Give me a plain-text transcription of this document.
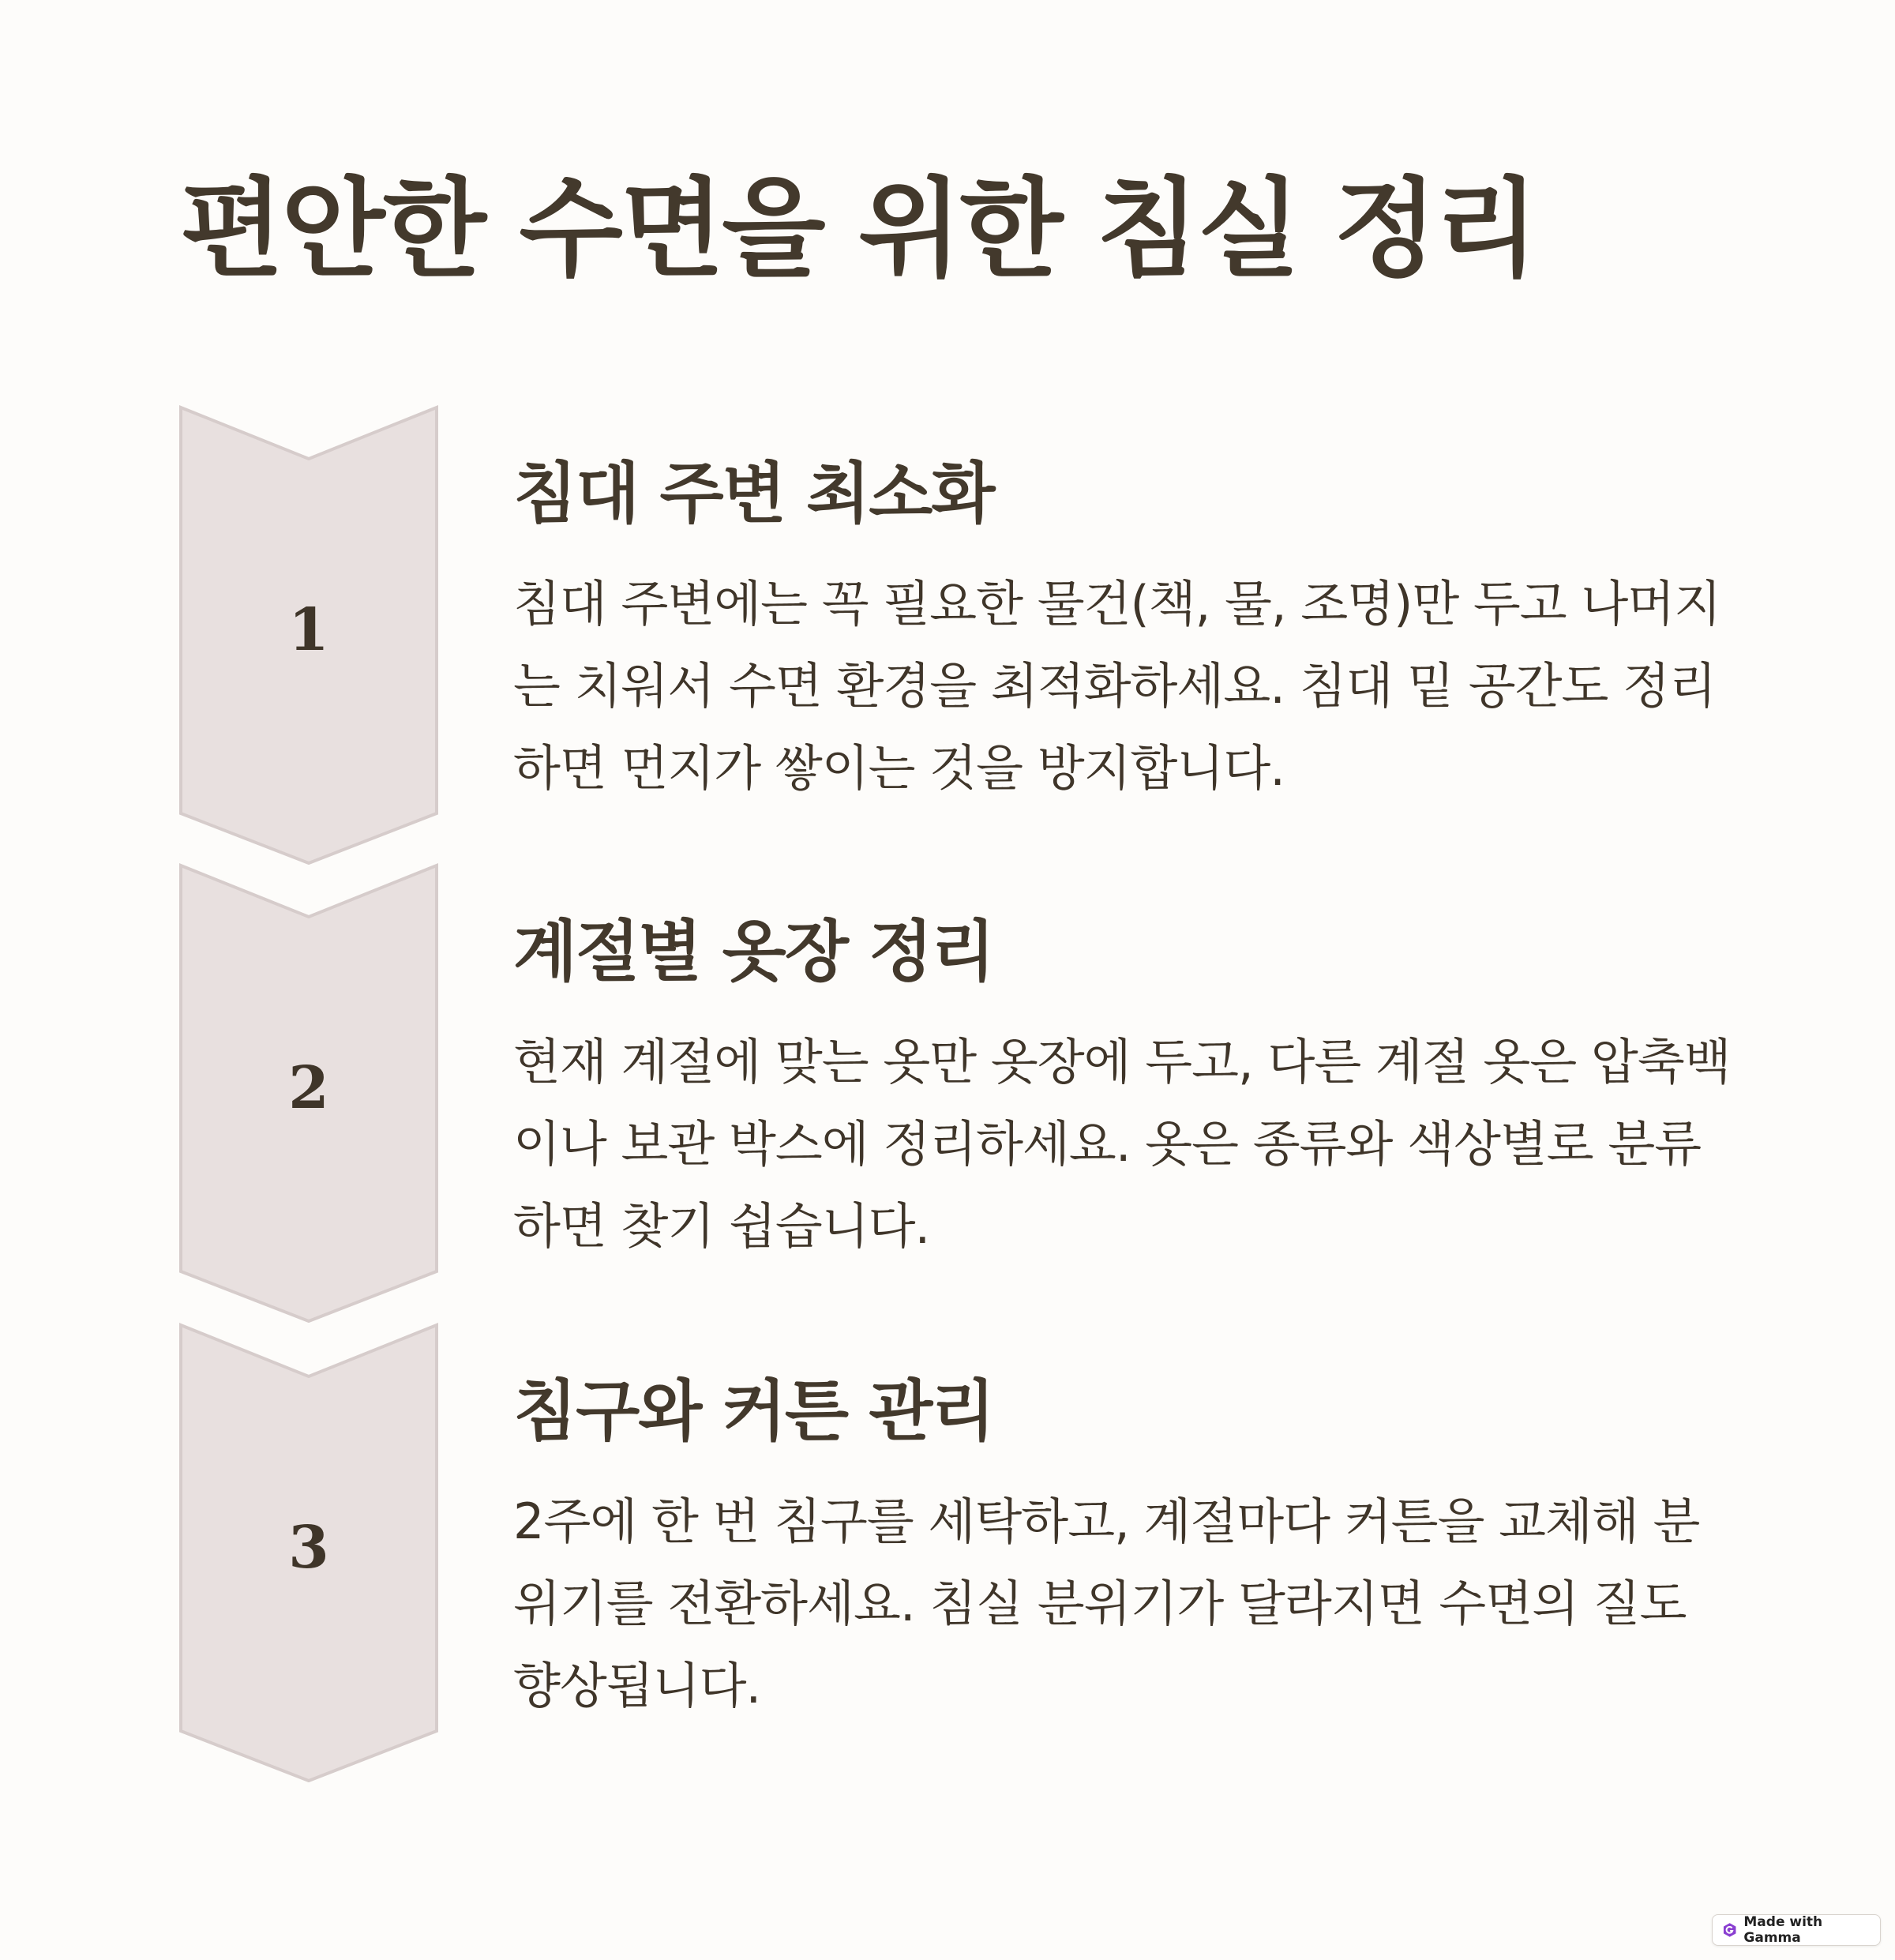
편안한 수면을 위한 침실 정리
1
침대 주변 최소화

침대 주변에는 꼭 필요한 물건(책, 물, 조명)만 두고 나머지는 치워서 수면 환경을 최적화하세요. 침대 밑 공간도 정리하면 먼지가 쌓이는 것을 방지합니다.

2
계절별 옷장 정리

현재 계절에 맞는 옷만 옷장에 두고, 다른 계절 옷은 압축백이나 보관 박스에 정리하세요. 옷은 종류와 색상별로 분류하면 찾기 쉽습니다.

3
침구와 커튼 관리

2주에 한 번 침구를 세탁하고, 계절마다 커튼을 교체해 분위기를 전환하세요. 침실 분위기가 달라지면 수면의 질도 향상됩니다.

Made with Gamma
